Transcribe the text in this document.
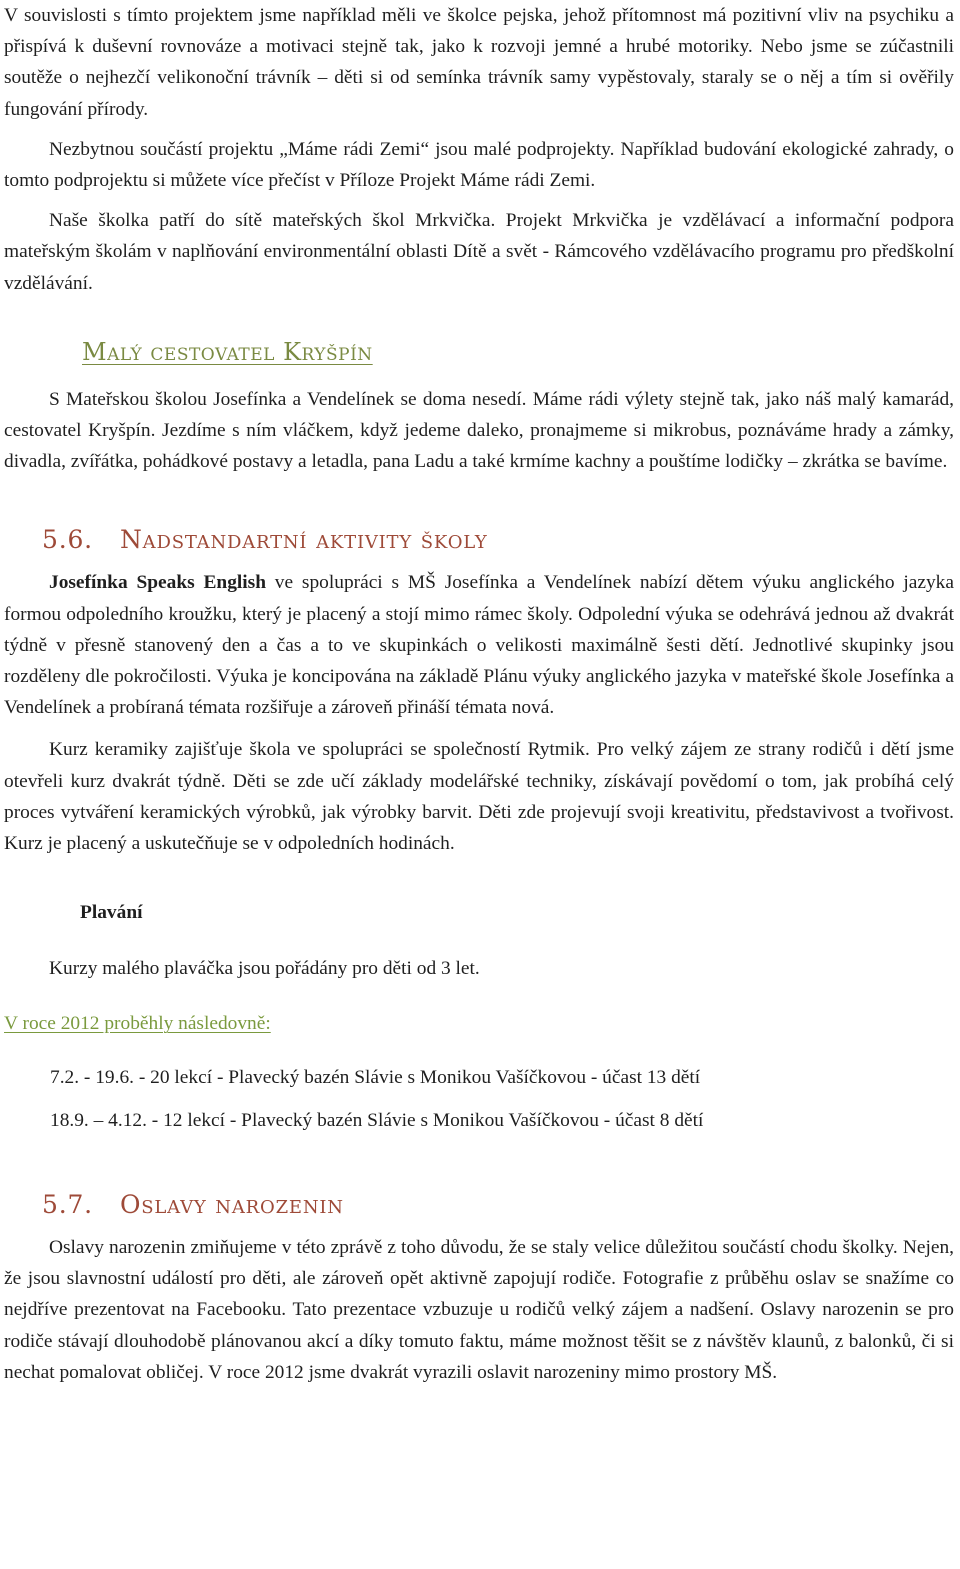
V souvislosti s tímto projektem jsme například měli ve školce pejska, jehož přítomnost má pozitivní vliv na psychiku a přispívá k duševní rovnováze a motivaci stejně tak, jako k rozvoji jemné a hrubé motoriky. Nebo jsme se zúčastnili soutěže o nejhezčí velikonoční trávník – děti si od semínka trávník samy vypěstovaly, staraly se o něj a tím si ověřily fungování přírody.

Nezbytnou součástí projektu „Máme rádi Zemi“ jsou malé podprojekty. Například budování ekologické zahrady, o tomto podprojektu si můžete více přečíst v Příloze Projekt Máme rádi Zemi.

Naše školka patří do sítě mateřských škol Mrkvička. Projekt Mrkvička je vzdělávací a informační podpora mateřským školám v naplňování environmentální oblasti Dítě a svět - Rámcového vzdělávacího programu pro předškolní vzdělávání.

Malý cestovatel Kryšpín

S Mateřskou školou Josefínka a Vendelínek se doma nesedí. Máme rádi výlety stejně tak, jako náš malý kamarád, cestovatel Kryšpín. Jezdíme s ním vláčkem, když jedeme daleko, pronajmeme si mikrobus, poznáváme hrady a zámky, divadla, zvířátka, pohádkové postavy a letadla, pana Ladu a také krmíme kachny a pouštíme lodičky – zkrátka se bavíme.

5.6. Nadstandartní aktivity školy

Josefínka Speaks English ve spolupráci s MŠ Josefínka a Vendelínek nabízí dětem výuku anglického jazyka formou odpoledního kroužku, který je placený a stojí mimo rámec školy. Odpolední výuka se odehrává jednou až dvakrát týdně v přesně stanovený den a čas a to ve skupinkách o velikosti maximálně šesti dětí. Jednotlivé skupinky jsou rozděleny dle pokročilosti. Výuka je koncipována na základě Plánu výuky anglického jazyka v mateřské škole Josefínka a Vendelínek a probíraná témata rozšiřuje a zároveň přináší témata nová.

Kurz keramiky zajišťuje škola ve spolupráci se společností Rytmik. Pro velký zájem ze strany rodičů i dětí jsme otevřeli kurz dvakrát týdně. Děti se zde učí základy modelářské techniky, získávají povědomí o tom, jak probíhá celý proces vytváření keramických výrobků, jak výrobky barvit. Děti zde projevují svoji kreativitu, představivost a tvořivost. Kurz je placený a uskutečňuje se v odpoledních hodinách.

Plavání

Kurzy malého plaváčka jsou pořádány pro děti od 3 let.

V roce 2012 proběhly následovně:
7.2. - 19.6. - 20 lekcí - Plavecký bazén Slávie s Monikou Vašíčkovou - účast 13 dětí
18.9. – 4.12. - 12 lekcí - Plavecký bazén Slávie s Monikou Vašíčkovou - účast 8 dětí
5.7. Oslavy narozenin

Oslavy narozenin zmiňujeme v této zprávě z toho důvodu, že se staly velice důležitou součástí chodu školky. Nejen, že jsou slavnostní událostí pro děti, ale zároveň opět aktivně zapojují rodiče. Fotografie z průběhu oslav se snažíme co nejdříve prezentovat na Facebooku. Tato prezentace vzbuzuje u rodičů velký zájem a nadšení. Oslavy narozenin se pro rodiče stávají dlouhodobě plánovanou akcí a díky tomuto faktu, máme možnost těšit se z návštěv klaunů, z balonků, či si nechat pomalovat obličej. V roce 2012 jsme dvakrát vyrazili oslavit narozeniny mimo prostory MŠ.
